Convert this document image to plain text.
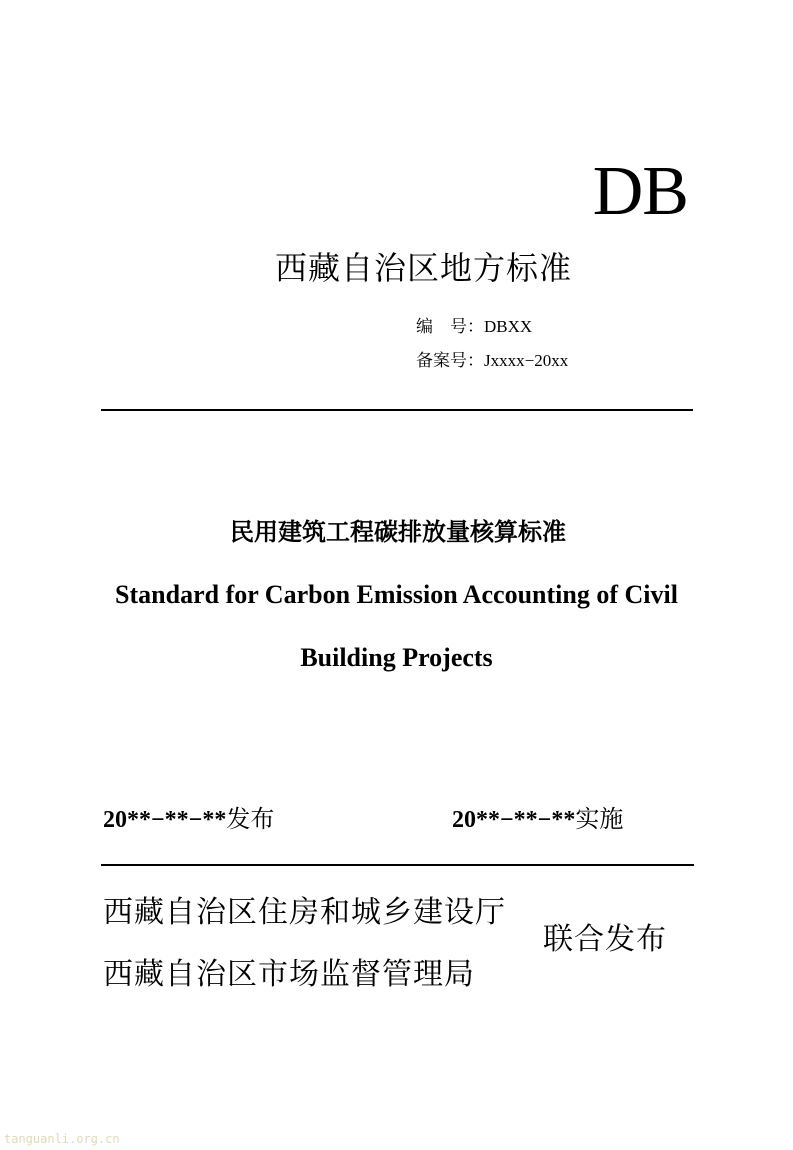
DB
西藏自治区地方标准
编　号：DBXX
备案号：Jxxxx−20xx
民用建筑工程碳排放量核算标准
Standard for Carbon Emission Accounting of Civil
Building Projects
20**−**−**发布	20**−**−**实施
西藏自治区住房和城乡建设厅
西藏自治区市场监督管理局
联合发布
tanguanli.org.cn
